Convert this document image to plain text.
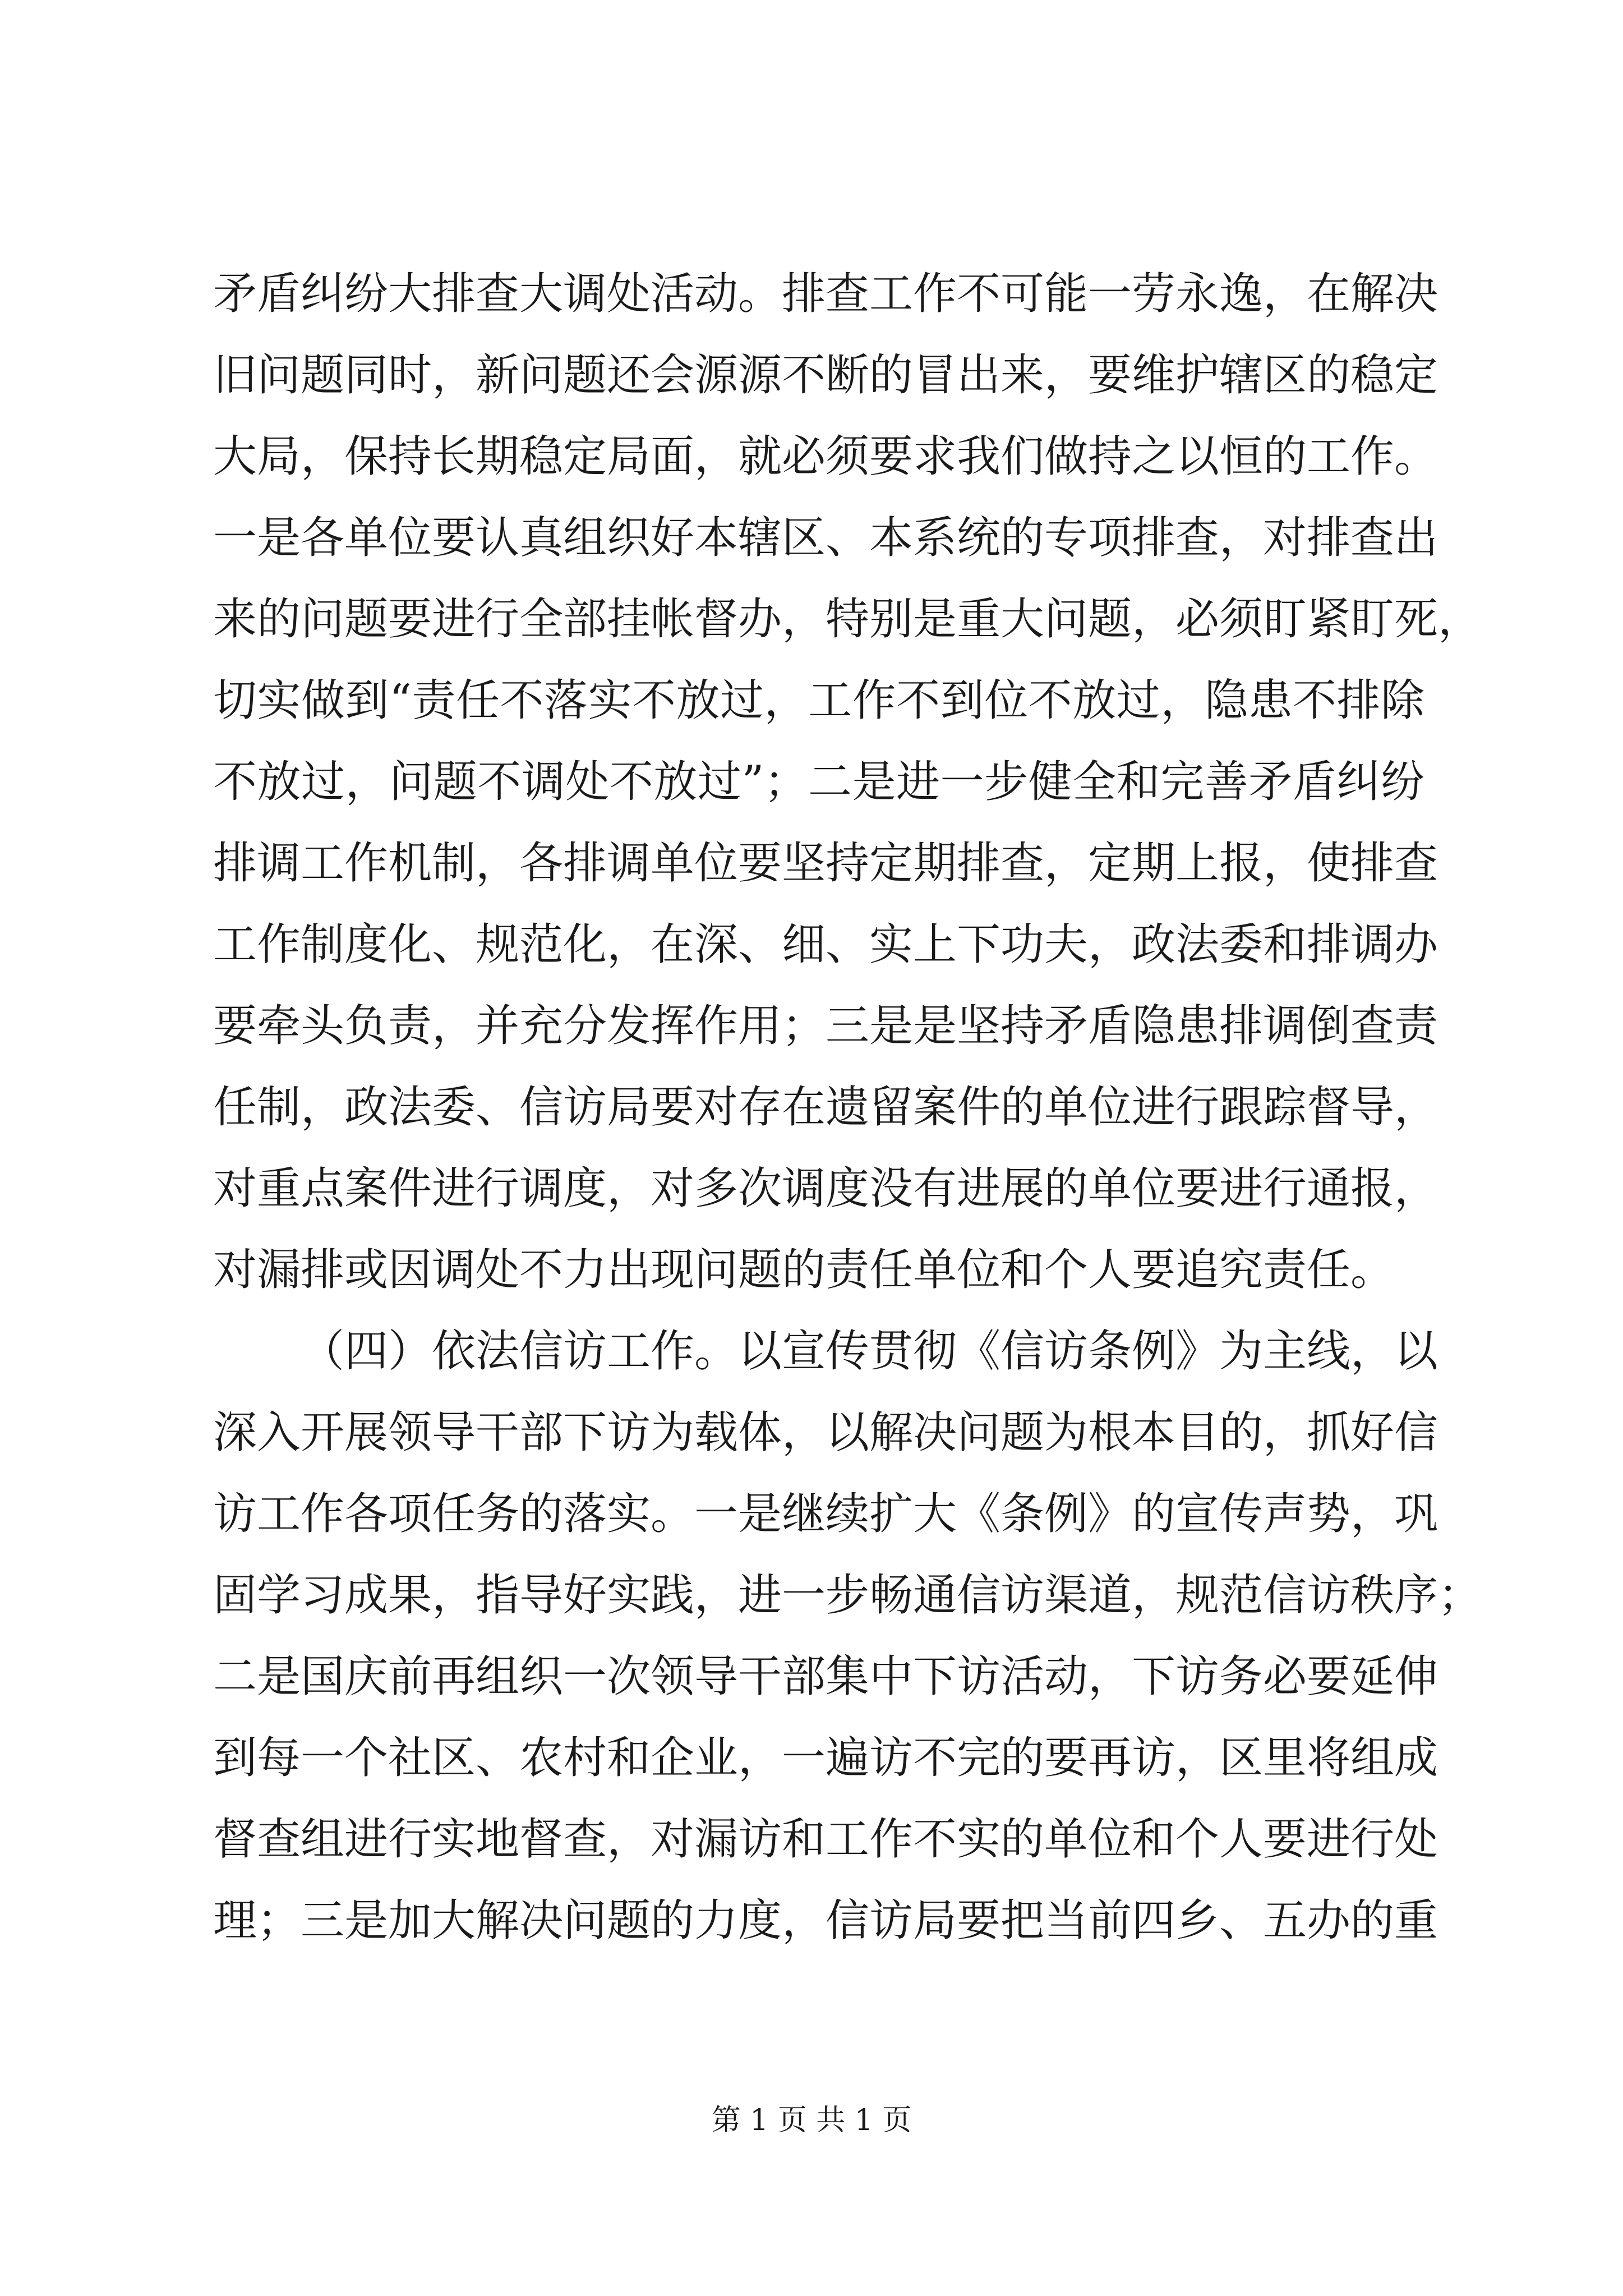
矛盾纠纷大排查大调处活动。排查工作不可能一劳永逸，在解决
旧问题同时，新问题还会源源不断的冒出来，要维护辖区的稳定
大局，保持长期稳定局面，就必须要求我们做持之以恒的工作。
一是各单位要认真组织好本辖区、本系统的专项排查，对排查出
来的问题要进行全部挂帐督办，特别是重大问题，必须盯紧盯死，
切实做到“责任不落实不放过，工作不到位不放过，隐患不排除
不放过，问题不调处不放过”；二是进一步健全和完善矛盾纠纷
排调工作机制，各排调单位要坚持定期排查，定期上报，使排查
工作制度化、规范化，在深、细、实上下功夫，政法委和排调办
要牵头负责，并充分发挥作用；三是是坚持矛盾隐患排调倒查责
任制，政法委、信访局要对存在遗留案件的单位进行跟踪督导，
对重点案件进行调度，对多次调度没有进展的单位要进行通报，
对漏排或因调处不力出现问题的责任单位和个人要追究责任。
（四）依法信访工作。以宣传贯彻《信访条例》为主线，以
深入开展领导干部下访为载体，以解决问题为根本目的，抓好信
访工作各项任务的落实。一是继续扩大《条例》的宣传声势，巩
固学习成果，指导好实践，进一步畅通信访渠道，规范信访秩序；
二是国庆前再组织一次领导干部集中下访活动，下访务必要延伸
到每一个社区、农村和企业，一遍访不完的要再访，区里将组成
督查组进行实地督查，对漏访和工作不实的单位和个人要进行处
理；三是加大解决问题的力度，信访局要把当前四乡、五办的重
第 1 页 共 1 页
